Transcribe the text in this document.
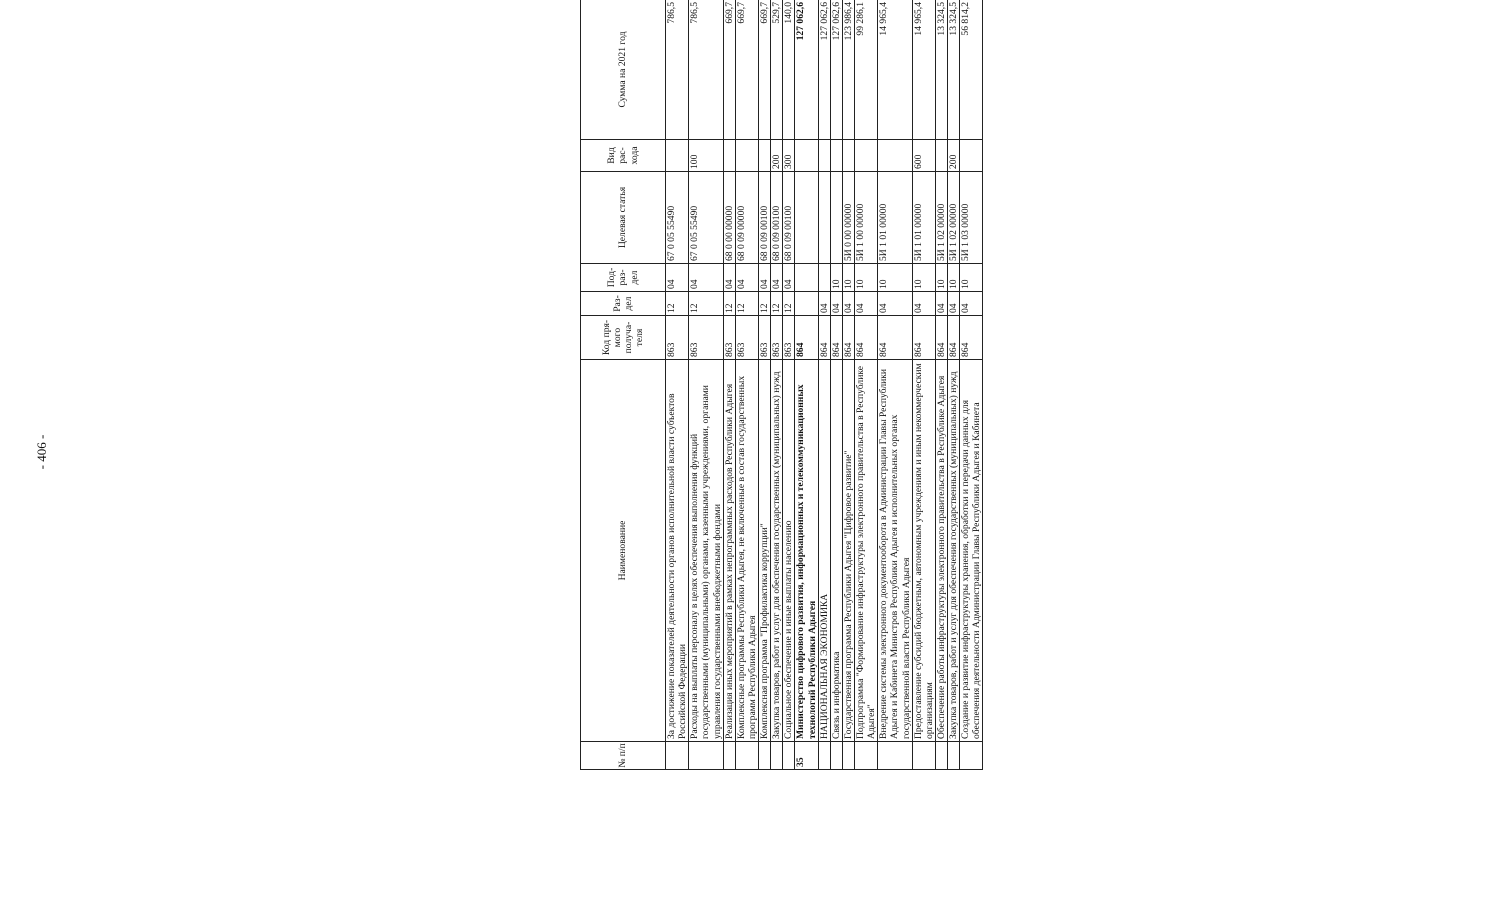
- 406 -
№ п/п	Наименование	Код пря-мого получа-теля	Раз-дел	Под-раз-дел	Целевая статья	Вид рас-хода	Сумма на 2021 год
	За достижение показателей деятельности органов исполнительной власти субъектов Российской Федерации	863	12	04	67 0 05 55490		786,5
	Расходы на выплаты персоналу в целях обеспечения выполнения функций государственными (муниципальными) органами, казенными учреждениями, органами управления государственными внебюджетными фондами	863	12	04	67 0 05 55490	100	786,5
	Реализация иных мероприятий в рамках непрограммных расходов Республики Адыгея	863	12	04	68 0 00 00000		669,7
	Комплексные программы Республики Адыгея, не включенные в состав государственных программ Республики Адыгея	863	12	04	68 0 09 00000		669,7
	Комплексная программа "Профилактика коррупции"	863	12	04	68 0 09 00100		669,7
	Закупка товаров, работ и услуг для обеспечения государственных (муниципальных) нужд	863	12	04	68 0 09 00100	200	529,7
	Социальное обеспечение и иные выплаты населению	863	12	04	68 0 09 00100	300	140,0
35	Министерство цифрового развития, информационных и телекоммуникационных технологий Республики Адыгея	864					127 062,6
	НАЦИОНАЛЬНАЯ ЭКОНОМИКА	864	04				127 062,6
	Связь и информатика	864	04	10			127 062,6
	Государственная программа Республики Адыгея "Цифровое развитие"	864	04	10	5И 0 00 00000		123 986,4
	Подпрограмма "Формирование инфраструктуры электронного правительства в Республике Адыгея"	864	04	10	5И 1 00 00000		99 286,1
	Внедрение системы электронного документооборота в Администрации Главы Республики Адыгея и Кабинета Министров Республики Адыгея и исполнительных органах государственной власти Республики Адыгея	864	04	10	5И 1 01 00000		14 965,4
	Предоставление субсидий бюджетным, автономным учреждениям и иным некоммерческим организациям	864	04	10	5И 1 01 00000	600	14 965,4
	Обеспечение работы инфраструктуры электронного правительства в Республике Адыгея	864	04	10	5И 1 02 00000		13 324,5
	Закупка товаров, работ и услуг для обеспечения государственных (муниципальных) нужд	864	04	10	5И 1 02 00000	200	13 324,5
	Создание и развитие инфраструктуры хранения, обработки и передачи данных для обеспечения деятельности Администрации Главы Республики Адыгея и Кабинета	864	04	10	5И 1 03 00000		56 814,2
